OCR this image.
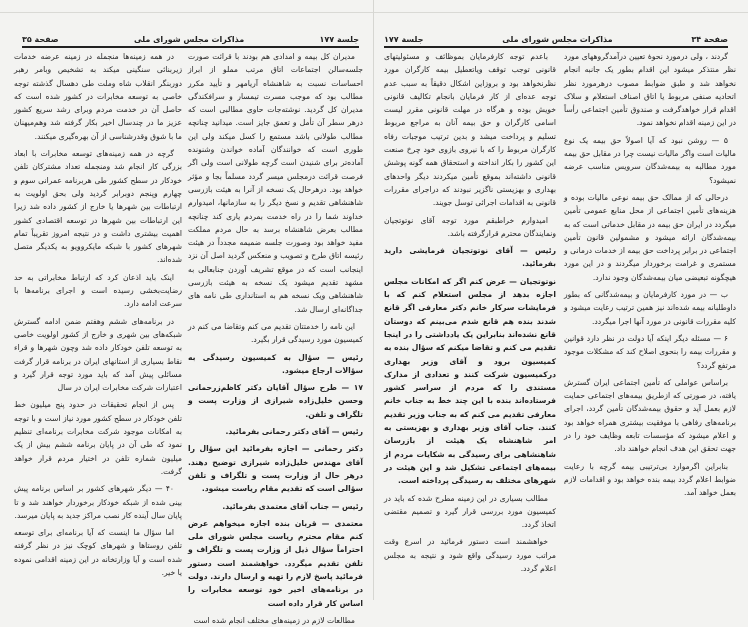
جلسة ۱۷۷
مذاکرات مجلس شورای ملی
صفحة ۳۵

مدیران کل بیمه و امدادی هم بودند با قرائت صورت جلسه‌سالن اجتماعات اتاق مرتب مملو از ابراز احساسات نسبت به شاهنشاه آریامهر و تأیید مکرر مطالب بود که موجب مسرت تیمسار و سرافکندگی مدیران کل گردید. نوشته‌جات حاوی مطالبی است که درهر سطر آن تأمل و تعمق جایز است. میدانید چنانچه مطالب طولانی باشد مستمع را کسل میکند ولی این طوری است که خوانندگان آماده خواندن وشنونده آماده‌تر برای شنیدن است گرچه طولانی است ولی اگر فرصت قرائت درمجلس میسر گردد مسلماً بجا و مؤثر خواهد بود. درهرحال یک نسخه از آنرا به هیئت بازرسی شاهنشاهی تقدیم و نسخ دیگر را به سازمانها، امیدوارم خداوند شما را در راه خدمت بمردم یاری کند چنانچه مطالب بعرض شاهنشاه برسد به حال مردم مملکت مفید خواهد بود وصورت جلسه ضمیمه مجدداً در هیئت رئیسه اتاق طرح و تصویب و منعکس گردید اصل آن نزد اینجانب است که در موقع تشریف آوردن جنابعالی به مشهد تقدیم میشود یک نسخه به هیئت بازرسی شاهنشاهی ویک نسخه هم به استانداری طی نامه های جداگانه‌ای ارسال شد.

این نامه را خدمتتان تقدیم می کنم وتقاضا می کنم در کمیسیون مورد رسیدگی قرار بگیرد.

رئیس — سؤال به کمیسیون رسیدگی به سؤالات ارجاع میشود.

۱۷ — طرح سؤال آقایان دکتر کاظم‌زرحمانی وحسن خلیل‌زاده شیرازی از وزارت پست و تلگراف و تلفن.

رئیس — آقای دکتر رحمانی بفرمائید.

دکتر رحمانی — اجازه بفرمائید این سؤال را آقای مهندس خلیل‌زاده شیرازی توضیح دهند. درهر حال از وزارت پست و تلگراف و تلفن سؤالی است که تقدیم مقام ریاست میشود.

رئیس — جناب آقای معتمدی بفرمائید.

معتمدی — قربان بنده اجازه میخواهم عرض کنم مقام محترم ریاست مجلس شورای ملی احتراماً سؤال ذیل از وزارت پست و تلگراف و تلفن تقدیم میگردد. خواهشمند است دستور فرمائید پاسخ لازم را تهیه و ارسال دارند. دولت در برنامه‌های اخیر خود توسعه مخابرات را اساس کار قرار داده است

مطالعات لازم در زمینه‌های مختلف انجام شده است

در همه زمینه‌ها منجمله در زمینه عرضه خدمات زیربنائی سنگینی میکند به تشخیص وبامر رهبر دوربنگر انقلاب شاه وملت طی دهسال گذشته توجه خاصی به توسعه مخابرات در کشور شده است که حاصل آن در خدمت مردم وبرای رشد سریع کشور عزیز ما در چندسال اخیر بکار گرفته شد وهم‌میهنان ما با شوق وقدرشناسی از آن بهره‌گیری میکنند.

گرچه در همه زمینه‌های توسعه مخابرات با ابعاد بزرگی کار انجام شد ومنجمله تعداد مشترکان تلفن خودکار در سطح کشور طی هربرنامه عمرانی سوم و چهارم وپنجم دوبرابر گردید ولی بحق اولویت به ارتباطات بین شهرها یا خارج از کشور داده شد زیرا این ارتباطات بین شهرها در توسعه اقتصادی کشور اهمیت بیشتری داشت و در نتیجه امروز تقریباً تمام شهرهای کشور با شبکه مایکروویو به یکدیگر متصل شده‌اند.

اینک باید اذعان کرد که ارتباط مخابراتی به حد رضایت‌بخشی رسیده است و اجرای برنامه‌ها با سرعت ادامه دارد.

در برنامه‌های ششم وهفتم ضمن ادامه گسترش شبکه‌های بین شهری و خارج از کشور اولویت خاصی به توسعه تلفن خودکار داده شد وچون شهرها و قراء نقاط بسیاری از استانهای ایران در برنامه قرار گرفت مسائلی پیش آمد که باید مورد توجه قرار گیرد و اعتبارات شرکت مخابرات ایران در سال

پس از انجام تحقیقات در حدود پنج میلیون خط تلفن خودکار در سطح کشور مورد نیاز است و با توجه به امکانات موجود شرکت مخابرات برنامه‌ای تنظیم نمود که طی آن در پایان برنامه ششم بیش از یک میلیون شماره تلفن در اختیار مردم قرار خواهد گرفت.

۴۰ — دیگر شهرهای کشور بر اساس برنامه پیش بینی شده از شبکه خودکار برخوردار خواهند شد و تا پایان سال آینده کار نصب مراکز جدید به پایان میرسد.

اما سؤال ما اینست که آیا برنامه‌ای برای توسعه تلفن روستاها و شهرهای کوچک نیز در نظر گرفته شده است و آیا وزارتخانه در این زمینه اقدامی نموده یا خیر.

صفحة ۳۴
مذاکرات مجلس شورای ملی
جلسة ۱۷۷

گردند ، ولی درمورد نحوهٔ تعیین درآمدگروههای مورد نظر منتذکر میشود این اقدام بطور یک جانبه انجام نخواهد شد و طبق ضوابط مصوب درهرمورد نظر اتحادیه صنفی مربوط یا اتاق اصناف استعلام و سلاک اقدام قرار خواهدگرفت و صندوق تأمین اجتماعی رأساً در این زمینه اقدام نخواهد نمود.

۵ — روشن نبود که آیا اصولاً حق بیمه یک نوع مالیات است واگر مالیات نیست چرا در مقابل حق بیمه مورد مطالبه به بیمه‌شدگان سرویس مناسب عرضه نمیشود؟

درحالی که از ممالک حق بیمه نوعی مالیات بوده و هزینه‌های تأمین اجتماعی از محل منابع عمومی تأمین میگردد در ایران حق بیمه در مقابل خدماتی است که به بیمه‌شدگان ارائه میشود و مشمولین قانون تأمین اجتماعی در برابر پرداخت حق بیمه از خدمات درمانی و مستمری و غرامت برخوردار میگردند و در این مورد هیچگونه تبعیضی میان بیمه‌شدگان وجود ندارد.

ب — در مورد کارفرمایان و بیمه‌شدگانی که بطور داوطلبانه بیمه شده‌اند نیز همین ترتیب رعایت میشود و کلیه مقررات قانونی در مورد آنها اجرا میگردد.

۶ — مسئله دیگر اینکه آیا دولت در نظر دارد قوانین و مقررات بیمه را بنحوی اصلاح کند که مشکلات موجود مرتفع گردد؟

براساس عواملی که تأمین اجتماعی ایران گسترش یافته، در صورتی که ازطریق بیمه‌های اجتماعی حمایت لازم بعمل آید و حقوق بیمه‌شدگان تأمین گردد، اجرای برنامه‌های رفاهی با موفقیت بیشتری همراه خواهد بود و اعلام میشود که مؤسسات تابعه وظایف خود را در جهت تحقق این هدف انجام خواهند داد.

بنابراین اگرموارد بی‌ترتیبی بیمه گرچه با رعایت ضوابط اعلام گردد بیمه بنده خواهد بود و اقدامات لازم بعمل خواهد آمد.

باعدم توجه کارفرمایان بموظائف و مسئولیتهای قانونی توجب توقف ویاتعطیل بیمه کارگران مورد نظرنخواهد بود و بروزاین اشکال دقیقاً به سبب عدم توجه عده‌ای از کار فرمایان بانجام تکالیف قانونی خویش بوده و هرگاه در مهلت قانونی مقرر لیست اسامی کارگران و حق بیمه آنان به مراجع مربوط تسلیم و پرداخت میشد و بدین ترتیب موجبات رفاه کارگران مربوط را که با نیروی بازوی خود چرخ صنعت این کشور را بکار انداخته و استحقاق همه گونه پوشش قانونی داشته‌اند بموقع تأمین میکردند دیگر واحدهای بهداری و بهزیستی ناگزیر نبودند که دراجرای مقررات قانونی به اقدامات اجرائی توسل جویند.

امیدوارم خراطبقم مورد توجه آقای نوتوتجیان ونمایندگان محترم قرارگرفته باشد.

رئیس — آقای نوتوتجیان فرمایشی دارید بفرمائید.

نوتوتجیان — عرض کنم اگر که امکانات مجلس اجازه بدهد از مجلس استعلام کنم که با فرمایشات سرکار خانم دکتر معارفی اگر قانع شدند بنده هم قانع شدم می‌بینم که دوستان قانع نشده‌اند بنابراین یک یادداشتی را در اینجا تقدیم می کنم و تقاضا میکنم که سؤال بنده به کمیسیون برود و آقای وزیر بهداری درکمیسیون شرکت کنند و تعدادی از مدارک مستندی را که مردم از سراسر کشور فرستاده‌اند بنده با این چند خط به جناب خانم معارفی تقدیم می کنم که به جناب وزیر تقدیم کنند. جناب آقای وزیر بهداری و بهزیستی به امر شاهنشاه یک هیئت از بازرسان شاهنشاهی برای رسیدگی به شکایات مردم از بیمه‌های اجتماعی تشکیل شد و این هیئت در شهرهای مختلف به رسیدگی پرداخته است.

مطالب بسیاری در این زمینه مطرح شده که باید در کمیسیون مورد بررسی قرار گیرد و تصمیم مقتضی اتخاذ گردد.

خواهشمند است دستور فرمائید در اسرع وقت مراتب مورد رسیدگی واقع شود و نتیجه به مجلس اعلام گردد.
